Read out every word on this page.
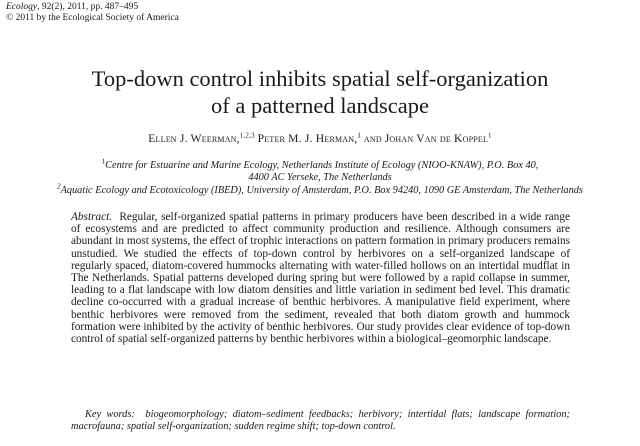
Ecology, 92(2), 2011, pp. 487–495
© 2011 by the Ecological Society of America
Top-down control inhibits spatial self-organization
of a patterned landscape
Ellen J. Weerman,$^{1,2,3}$ Peter M. J. Herman,$^1$ and Johan Van de Koppel$^1$
$^1$Centre for Estuarine and Marine Ecology, Netherlands Institute of Ecology (NIOO-KNAW), P.O. Box 40,
4400 AC Yerseke, The Netherlands
$^2$Aquatic Ecology and Ecotoxicology (IBED), University of Amsterdam, P.O. Box 94240, 1090 GE Amsterdam, The Netherlands

Abstract. Regular, self-organized spatial patterns in primary producers have been described in a wide range of ecosystems and are predicted to affect community production and resilience. Although consumers are abundant in most systems, the effect of trophic interactions on pattern formation in primary producers remains unstudied. We studied the effects of top-down control by herbivores on a self-organized landscape of regularly spaced, diatom-covered hummocks alternating with water-filled hollows on an intertidal mudflat in The Netherlands. Spatial patterns developed during spring but were followed by a rapid collapse in summer, leading to a flat landscape with low diatom densities and little variation in sediment bed level. This dramatic decline co-occurred with a gradual increase of benthic herbivores. A manipulative field experiment, where benthic herbivores were removed from the sediment, revealed that both diatom growth and hummock formation were inhibited by the activity of benthic herbivores. Our study provides clear evidence of top-down control of spatial self-organized patterns by benthic herbivores within a biological–geomorphic landscape.

Key words: biogeomorphology; diatom–sediment feedbacks; herbivory; intertidal flats; landscape formation; macrofauna; spatial self-organization; sudden regime shift; top-down control.
